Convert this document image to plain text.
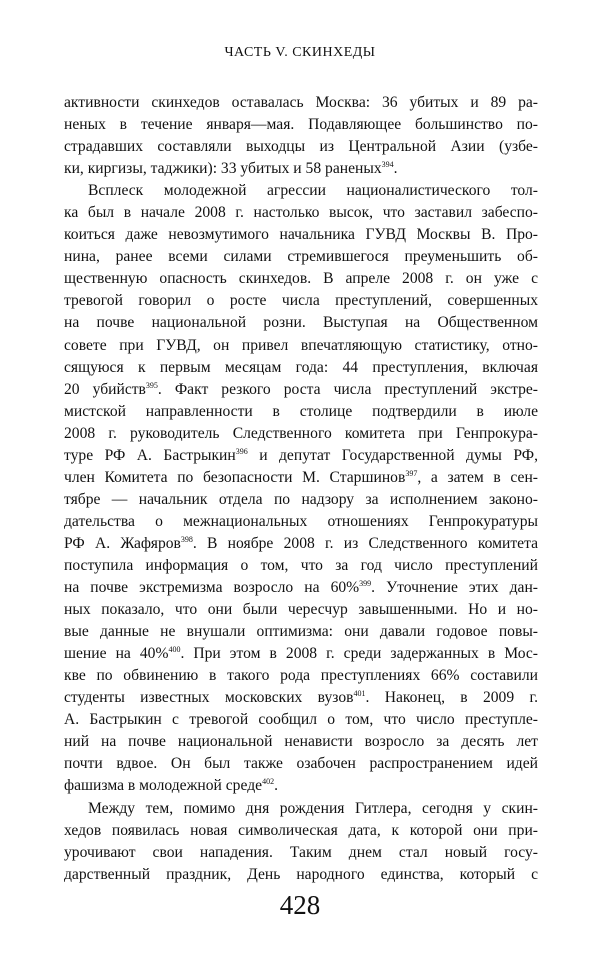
ЧАСТЬ V. СКИНХЕДЫ
активности скинхедов оставалась Москва: 36 убитых и 89 ра-
неных в течение января—мая. Подавляющее большинство по-
страдавших составляли выходцы из Центральной Азии (узбе-
ки, киргизы, таджики): 33 убитых и 58 раненых$^{394}$.
Всплеск молодежной агрессии националистического тол-
ка был в начале 2008 г. настолько высок, что заставил забеспо-
коиться даже невозмутимого начальника ГУВД Москвы В. Про-
нина, ранее всеми силами стремившегося преуменьшить об-
щественную опасность скинхедов. В апреле 2008 г. он уже с
тревогой говорил о росте числа преступлений, совершенных
на почве национальной розни. Выступая на Общественном
совете при ГУВД, он привел впечатляющую статистику, отно-
сящуюся к первым месяцам года: 44 преступления, включая
20 убийств$^{395}$. Факт резкого роста числа преступлений экстре-
мистской направленности в столице подтвердили в июле
2008 г. руководитель Следственного комитета при Генпрокура-
туре РФ А. Бастрыкин$^{396}$ и депутат Государственной думы РФ,
член Комитета по безопасности М. Старшинов$^{397}$, а затем в сен-
тябре — начальник отдела по надзору за исполнением законо-
дательства о межнациональных отношениях Генпрокуратуры
РФ А. Жафяров$^{398}$. В ноябре 2008 г. из Следственного комитета
поступила информация о том, что за год число преступлений
на почве экстремизма возросло на 60%$^{399}$. Уточнение этих дан-
ных показало, что они были чересчур завышенными. Но и но-
вые данные не внушали оптимизма: они давали годовое повы-
шение на 40%$^{400}$. При этом в 2008 г. среди задержанных в Мос-
кве по обвинению в такого рода преступлениях 66% составили
студенты известных московских вузов$^{401}$. Наконец, в 2009 г.
А. Бастрыкин с тревогой сообщил о том, что число преступле-
ний на почве национальной ненависти возросло за десять лет
почти вдвое. Он был также озабочен распространением идей
фашизма в молодежной среде$^{402}$.
Между тем, помимо дня рождения Гитлера, сегодня у скин-
хедов появилась новая символическая дата, к которой они при-
урочивают свои нападения. Таким днем стал новый госу-
дарственный праздник, День народного единства, который с
428
